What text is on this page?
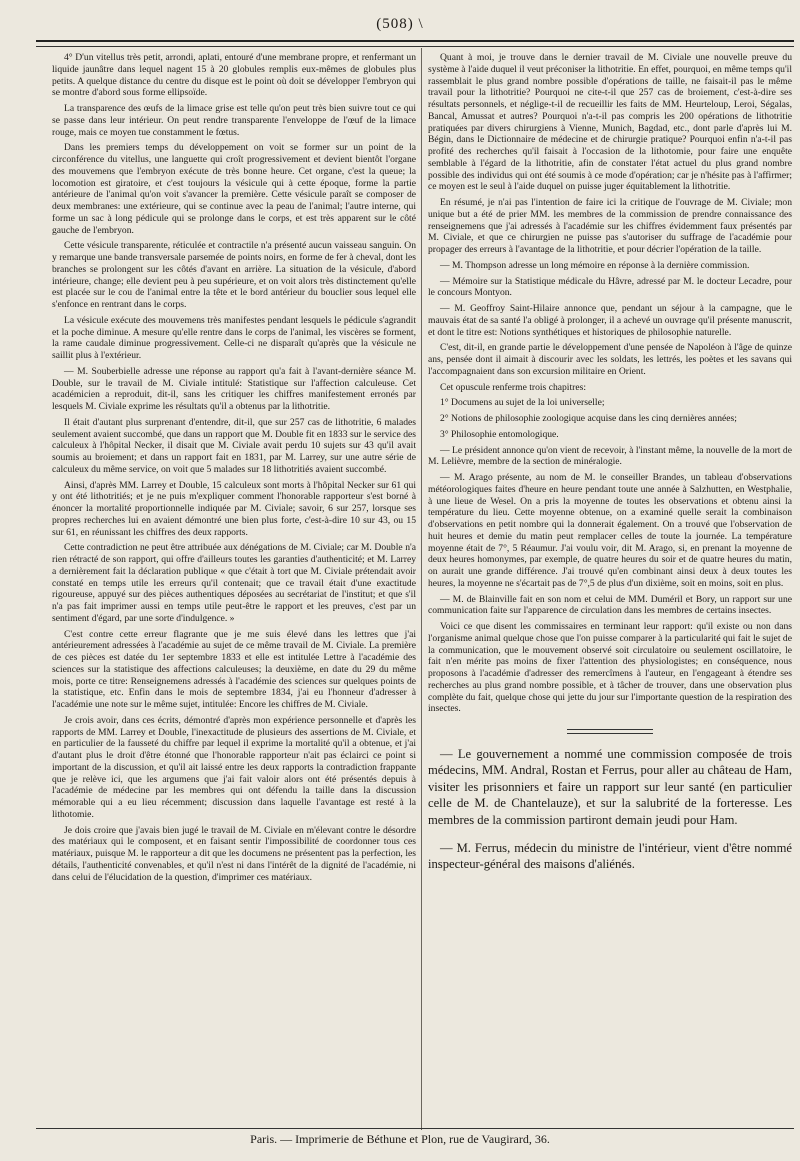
(508) \

4° D'un vitellus très petit, arrondi, aplati, entouré d'une membrane propre, et renfermant un liquide jaunâtre dans lequel nagent 15 à 20 globules remplis eux-mêmes de globules plus petits. A quelque distance du centre du disque est le point où doit se développer l'embryon qui se montre d'abord sous forme ellipsoïde.

La transparence des œufs de la limace grise est telle qu'on peut très bien suivre tout ce qui se passe dans leur intérieur. On peut rendre transparente l'enveloppe de l'œuf de la limace rouge, mais ce moyen tue constamment le fœtus.

Dans les premiers temps du développement on voit se former sur un point de la circonférence du vitellus, une languette qui croît progressivement et devient bientôt l'organe des mouvemens que l'embryon exécute de très bonne heure. Cet organe, c'est la queue; la locomotion est giratoire, et c'est toujours la vésicule qui à cette époque, forme la partie antérieure de l'animal qu'on voit s'avancer la première. Cette vésicule paraît se composer de deux membranes: une extérieure, qui se continue avec la peau de l'animal; l'autre interne, qui forme un sac à long pédicule qui se prolonge dans le corps, et est très apparent sur le côté gauche de l'embryon.

Cette vésicule transparente, réticulée et contractile n'a présenté aucun vaisseau sanguin. On y remarque une bande transversale parsemée de points noirs, en forme de fer à cheval, dont les branches se prolongent sur les côtés d'avant en arrière. La situation de la vésicule, d'abord intérieure, change; elle devient peu à peu supérieure, et on voit alors très distinctement qu'elle est placée sur le cou de l'animal entre la tête et le bord antérieur du bouclier sous lequel elle s'enfonce en rentrant dans le corps.

La vésicule exécute des mouvemens très manifestes pendant lesquels le pédicule s'agrandit et la poche diminue. A mesure qu'elle rentre dans le corps de l'animal, les viscères se forment, la rame caudale diminue progressivement. Celle-ci ne disparaît qu'après que la vésicule ne saillit plus à l'extérieur.

— M. Souberbielle adresse une réponse au rapport qu'a fait à l'avant-dernière séance M. Double, sur le travail de M. Civiale intitulé: Statistique sur l'affection calculeuse. Cet académicien a reproduit, dit-il, sans les critiquer les chiffres manifestement erronés par lesquels M. Civiale exprime les résultats qu'il a obtenus par la lithotritie.

Il était d'autant plus surprenant d'entendre, dit-il, que sur 257 cas de lithotritie, 6 malades seulement avaient succombé, que dans un rapport que M. Double fit en 1833 sur le service des calculeux à l'hôpital Necker, il disait que M. Civiale avait perdu 10 sujets sur 43 qu'il avait soumis au broiement; et dans un rapport fait en 1831, par M. Larrey, sur une autre série de calculeux du même service, on voit que 5 malades sur 18 lithotritiés avaient succombé.

Ainsi, d'après MM. Larrey et Double, 15 calculeux sont morts à l'hôpital Necker sur 61 qui y ont été lithotritiés; et je ne puis m'expliquer comment l'honorable rapporteur s'est borné à énoncer la mortalité proportionnelle indiquée par M. Civiale; savoir, 6 sur 257, lorsque ses propres recherches lui en avaient démontré une bien plus forte, c'est-à-dire 10 sur 43, ou 15 sur 61, en réunissant les chiffres des deux rapports.

Cette contradiction ne peut être attribuée aux dénégations de M. Civiale; car M. Double n'a rien rétracté de son rapport, qui offre d'ailleurs toutes les garanties d'authenticité; et M. Larrey a dernièrement fait la déclaration publique « que c'était à tort que M. Civiale prétendait avoir constaté en temps utile les erreurs qu'il contenait; que ce travail était d'une exactitude rigoureuse, appuyé sur des pièces authentiques déposées au secrétariat de l'institut; et que s'il n'a pas fait imprimer aussi en temps utile peut-être le rapport et les preuves, c'est par un sentiment d'égard, par une sorte d'indulgence. »

C'est contre cette erreur flagrante que je me suis élevé dans les lettres que j'ai antérieurement adressées à l'académie au sujet de ce même travail de M. Civiale. La première de ces pièces est datée du 1er septembre 1833 et elle est intitulée Lettre à l'académie des sciences sur la statistique des affections calculeuses; la deuxième, en date du 29 du même mois, porte ce titre: Renseignemens adressés à l'académie des sciences sur quelques points de la statistique, etc. Enfin dans le mois de septembre 1834, j'ai eu l'honneur d'adresser à l'académie une note sur le même sujet, intitulée: Encore les chiffres de M. Civiale.

Je crois avoir, dans ces écrits, démontré d'après mon expérience personnelle et d'après les rapports de MM. Larrey et Double, l'inexactitude de plusieurs des assertions de M. Civiale, et en particulier de la fausseté du chiffre par lequel il exprime la mortalité qu'il a obtenue, et j'ai d'autant plus le droit d'être étonné que l'honorable rapporteur n'ait pas éclairci ce point si important de la discussion, et qu'il ait laissé entre les deux rapports la contradiction frappante que je relève ici, que les argumens que j'ai fait valoir alors ont été présentés depuis à l'académie de médecine par les membres qui ont défendu la taille dans la discussion mémorable qui a eu lieu récemment; discussion dans laquelle l'avantage est resté à la lithotomie.

Je dois croire que j'avais bien jugé le travail de M. Civiale en m'élevant contre le désordre des matériaux qui le composent, et en faisant sentir l'impossibilité de coordonner tous ces matériaux, puisque M. le rapporteur a dit que les documens ne présentent pas la perfection, les détails, l'authenticité convenables, et qu'il n'est ni dans l'intérêt de la dignité de l'académie, ni dans celui de l'élucidation de la question, d'imprimer ces matériaux.

Quant à moi, je trouve dans le dernier travail de M. Civiale une nouvelle preuve du système à l'aide duquel il veut préconiser la lithotritie. En effet, pourquoi, en même temps qu'il rassemblait le plus grand nombre possible d'opérations de taille, ne faisait-il pas le même travail pour la lithotritie? Pourquoi ne cite-t-il que 257 cas de broiement, c'est-à-dire ses résultats personnels, et néglige-t-il de recueillir les faits de MM. Heurteloup, Leroi, Ségalas, Bancal, Amussat et autres? Pourquoi n'a-t-il pas compris les 200 opérations de lithotritie pratiquées par divers chirurgiens à Vienne, Munich, Bagdad, etc., dont parle d'après lui M. Bégin, dans le Dictionnaire de médecine et de chirurgie pratique? Pourquoi enfin n'a-t-il pas profité des recherches qu'il faisait à l'occasion de la lithotomie, pour faire une enquête semblable à l'égard de la lithotritie, afin de constater l'état actuel du plus grand nombre possible des individus qui ont été soumis à ce mode d'opération; car je n'hésite pas à l'affirmer; ce moyen est le seul à l'aide duquel on puisse juger équitablement la lithotritie.

En résumé, je n'ai pas l'intention de faire ici la critique de l'ouvrage de M. Civiale; mon unique but a été de prier MM. les membres de la commission de prendre connaissance des renseignemens que j'ai adressés à l'académie sur les chiffres évidemment faux présentés par M. Civiale, et que ce chirurgien ne puisse pas s'autoriser du suffrage de l'académie pour propager des erreurs à l'avantage de la lithotritie, et pour décrier l'opération de la taille.

— M. Thompson adresse un long mémoire en réponse à la dernière commission.

— Mémoire sur la Statistique médicale du Hâvre, adressé par M. le docteur Lecadre, pour le concours Montyon.

— M. Geoffroy Saint-Hilaire annonce que, pendant un séjour à la campagne, que le mauvais état de sa santé l'a obligé à prolonger, il a achevé un ouvrage qu'il présente manuscrit, et dont le titre est: Notions synthétiques et historiques de philosophie naturelle.

C'est, dit-il, en grande partie le développement d'une pensée de Napoléon à l'âge de quinze ans, pensée dont il aimait à discourir avec les soldats, les lettrés, les poètes et les savans qui l'accompagnaient dans son excursion militaire en Orient.

Cet opuscule renferme trois chapitres:

1° Documens au sujet de la loi universelle;

2° Notions de philosophie zoologique acquise dans les cinq dernières années;

3° Philosophie entomologique.

— Le président annonce qu'on vient de recevoir, à l'instant même, la nouvelle de la mort de M. Lelièvre, membre de la section de minéralogie.

— M. Arago présente, au nom de M. le conseiller Brandes, un tableau d'observations météorologiques faites d'heure en heure pendant toute une année à Salzhutten, en Westphalie, à une lieue de Wesel. On a pris la moyenne de toutes les observations et obtenu ainsi la température du lieu. Cette moyenne obtenue, on a examiné quelle serait la combinaison d'observations en petit nombre qui la donnerait également. On a trouvé que l'observation de huit heures et demie du matin peut remplacer celles de toute la journée. La température moyenne était de 7°, 5 Réaumur. J'ai voulu voir, dit M. Arago, si, en prenant la moyenne de deux heures homonymes, par exemple, de quatre heures du soir et de quatre heures du matin, on aurait une grande différence. J'ai trouvé qu'en combinant ainsi deux à deux toutes les heures, la moyenne ne s'écartait pas de 7°,5 de plus d'un dixième, soit en moins, soit en plus.

— M. de Blainville fait en son nom et celui de MM. Duméril et Bory, un rapport sur une communication faite sur l'apparence de circulation dans les membres de certains insectes.

Voici ce que disent les commissaires en terminant leur rapport: qu'il existe ou non dans l'organisme animal quelque chose que l'on puisse comparer à la particularité qui fait le sujet de la communication, que le mouvement observé soit circulatoire ou seulement oscillatoire, le fait n'en mérite pas moins de fixer l'attention des physiologistes; en conséquence, nous proposons à l'académie d'adresser des remercîmens à l'auteur, en l'engageant à étendre ses recherches au plus grand nombre possible, et à tâcher de trouver, dans une observation plus complète du fait, quelque chose qui jette du jour sur l'importante question de la respiration des insectes.

— Le gouvernement a nommé une commission composée de trois médecins, MM. Andral, Rostan et Ferrus, pour aller au château de Ham, visiter les prisonniers et faire un rapport sur leur santé (en particulier celle de M. de Chantelauze), et sur la salubrité de la forteresse. Les membres de la commission partiront demain jeudi pour Ham.

— M. Ferrus, médecin du ministre de l'intérieur, vient d'être nommé inspecteur-général des maisons d'aliénés.

Paris. — Imprimerie de Béthune et Plon, rue de Vaugirard, 36.
